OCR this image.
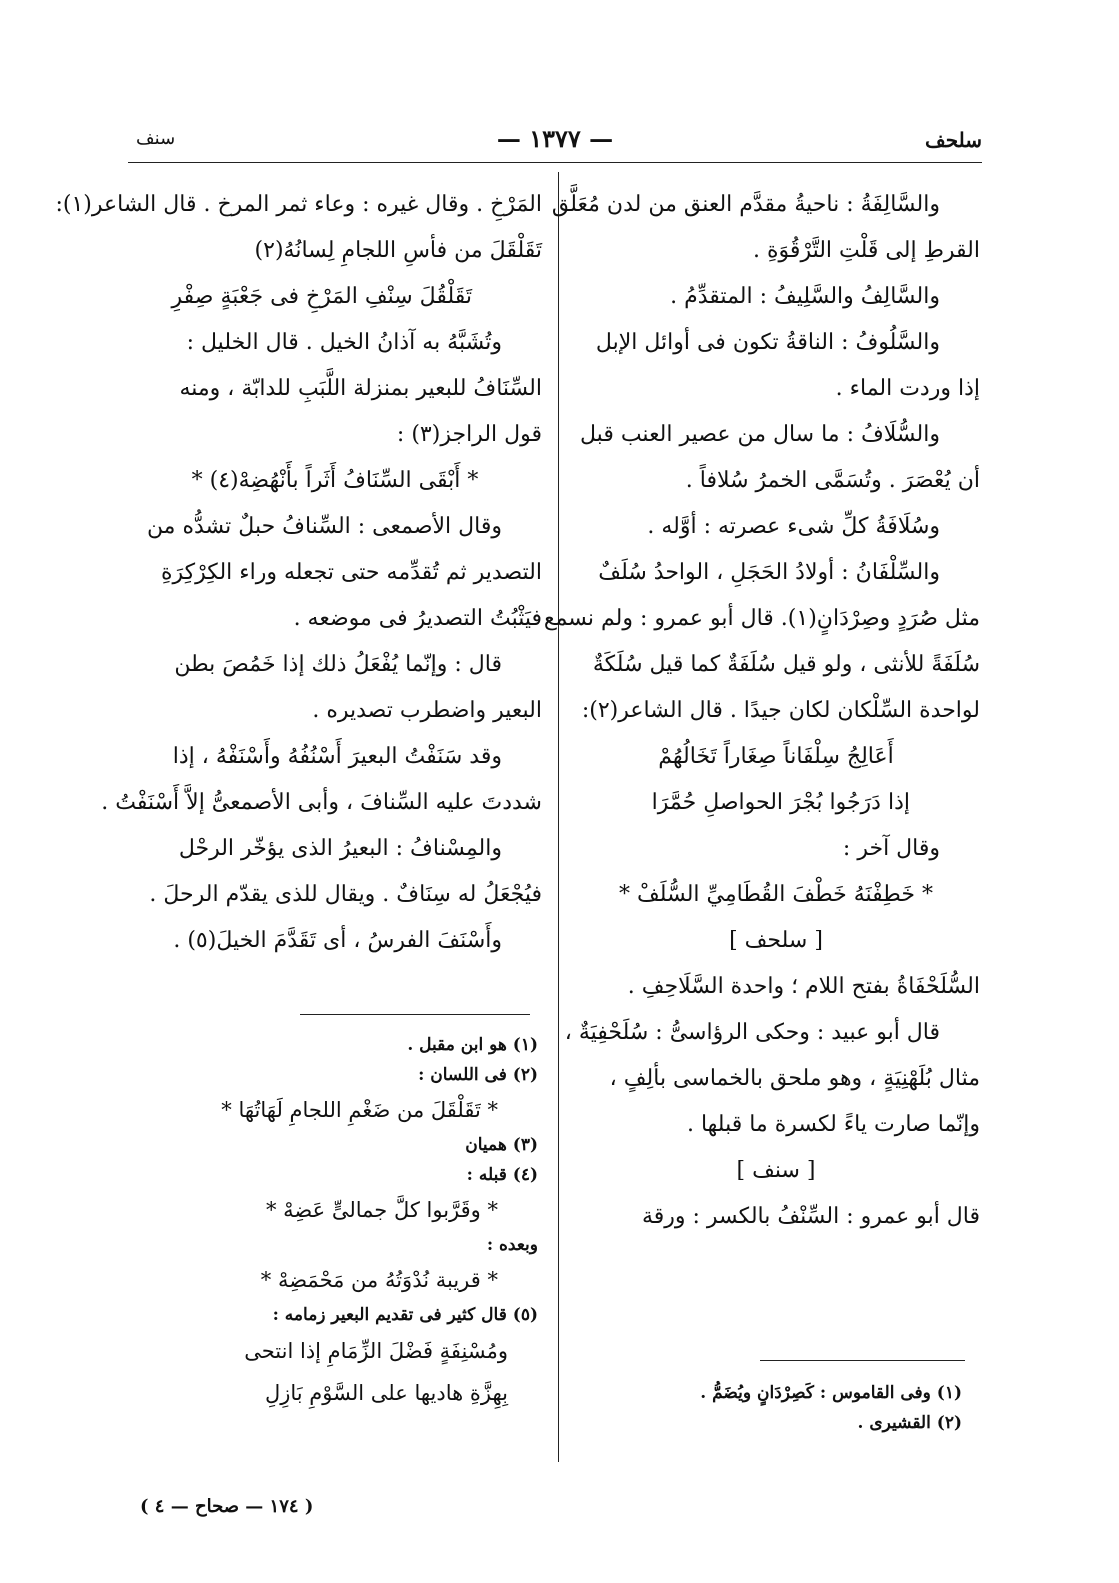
سلحف
— ١٣٧٧ —
سنف
والسَّالِفَةُ : ناحيةُ مقدَّم العنق من لدن مُعَلَّق
القرطِ إلى قَلْتِ التَّرْقُوَةِ .
والسَّالِفُ والسَّلِيفُ : المتقدِّمُ .
والسَّلُوفُ : الناقةُ تكون فى أوائل الإبل
إذا وردت الماء .
والسُّلَافُ : ما سال من عصير العنب قبل
أن يُعْصَرَ . وتُسَمَّى الخمرُ سُلافاً .
وسُلَافَةُ كلِّ شىء عصرته : أوَّله .
والسِّلْفَانُ : أولادُ الحَجَلِ ، الواحدُ سُلَفٌ
مثل صُرَدٍ وصِرْدَانٍ(١). قال أبو عمرو : ولم نسمع
سُلَفَةً للأنثى ، ولو قيل سُلَفَةٌ كما قيل سُلَكَةٌ
لواحدة السِّلْكان لكان جيدًا . قال الشاعر(٢):
أَعَالِجُ سِلْفَاناً صِغَاراً تَخَالُهُمْ
إذا دَرَجُوا بُجْرَ الحواصلِ حُمَّرَا
وقال آخر :
* خَطِفْنَهُ خَطْفَ القُطَامِيِّ السُّلَفْ *
[ سلحف ]
السُّلَحْفَاةُ بفتح اللام ؛ واحدة السَّلَاحِفِ .
قال أبو عبيد : وحكى الرؤاسىُّ : سُلَحْفِيَةٌ ،
مثال بُلَهْنِيَةٍ ، وهو ملحق بالخماسى بألِفٍ ،
وإنّما صارت ياءً لكسرة ما قبلها .
[ سنف ]
قال أبو عمرو : السِّنْفُ بالكسر : ورقة
المَرْخِ . وقال غيره : وعاء ثمر المرخ . قال الشاعر(١):
تَقَلْقَلَ من فأسِ اللجامِ لِسانُهُ(٢)
تَقَلْقُلَ سِنْفِ المَرْخِ فى جَعْبَةٍ صِفْرِ
وتُشَبَّهُ به آذانُ الخيل . قال الخليل :
السِّنَافُ للبعير بمنزلة اللَّبَبِ للدابّة ، ومنه
قول الراجز(٣) :
* أَبْقَى السِّنَافُ أَثَراً بأَنْهُضِهْ(٤) *
وقال الأصمعى : السِّنافُ حبلٌ تشدُّه من
التصدير ثم تُقدِّمه حتى تجعله وراء الكِرْكِرَةِ
فيَثْبُتُ التصديرُ فى موضعه .
قال : وإنّما يُفْعَلُ ذلك إذا خَمُصَ بطن
البعير واضطرب تصديره .
وقد سَنَفْتُ البعيرَ أَسْنُفُهُ وأَسْنَفْهُ ، إذا
شددتَ عليه السِّنافَ ، وأبى الأصمعىُّ إلاَّ أَسْنَفْتُ .
والمِسْنافُ : البعيرُ الذى يؤخّر الرحْل
فيُجْعَلُ له سِنَافٌ . ويقال للذى يقدّم الرحلَ .
وأَسْنَفَ الفرسُ ، أى تَقَدَّمَ الخيلَ(٥) .
(١) هو ابن مقبل .
(٢) فى اللسان :
* تَقَلْقَلَ من ضَغْمِ اللجامِ لَهَاتُهَا *
(٣) هميان
(٤) قبله :
* وقَرَّبوا كلَّ جمالىٍّ عَضِهْ *
وبعده :
* قريبة نُدْوَتُهُ من مَحْمَضِهْ *
(٥) قال كثير فى تقديم البعير زمامه :
ومُسْنِفَةٍ فَضْلَ الزِّمَامِ إذا انتحى
بِهِزَّةِ هاديها على السَّوْمِ بَازِلِ	(١) وفى القاموس : كَصِرْدَانٍ ويُضَمُّ .
(٢) القشيرى .
( ١٧٤ — صحاح — ٤ )
